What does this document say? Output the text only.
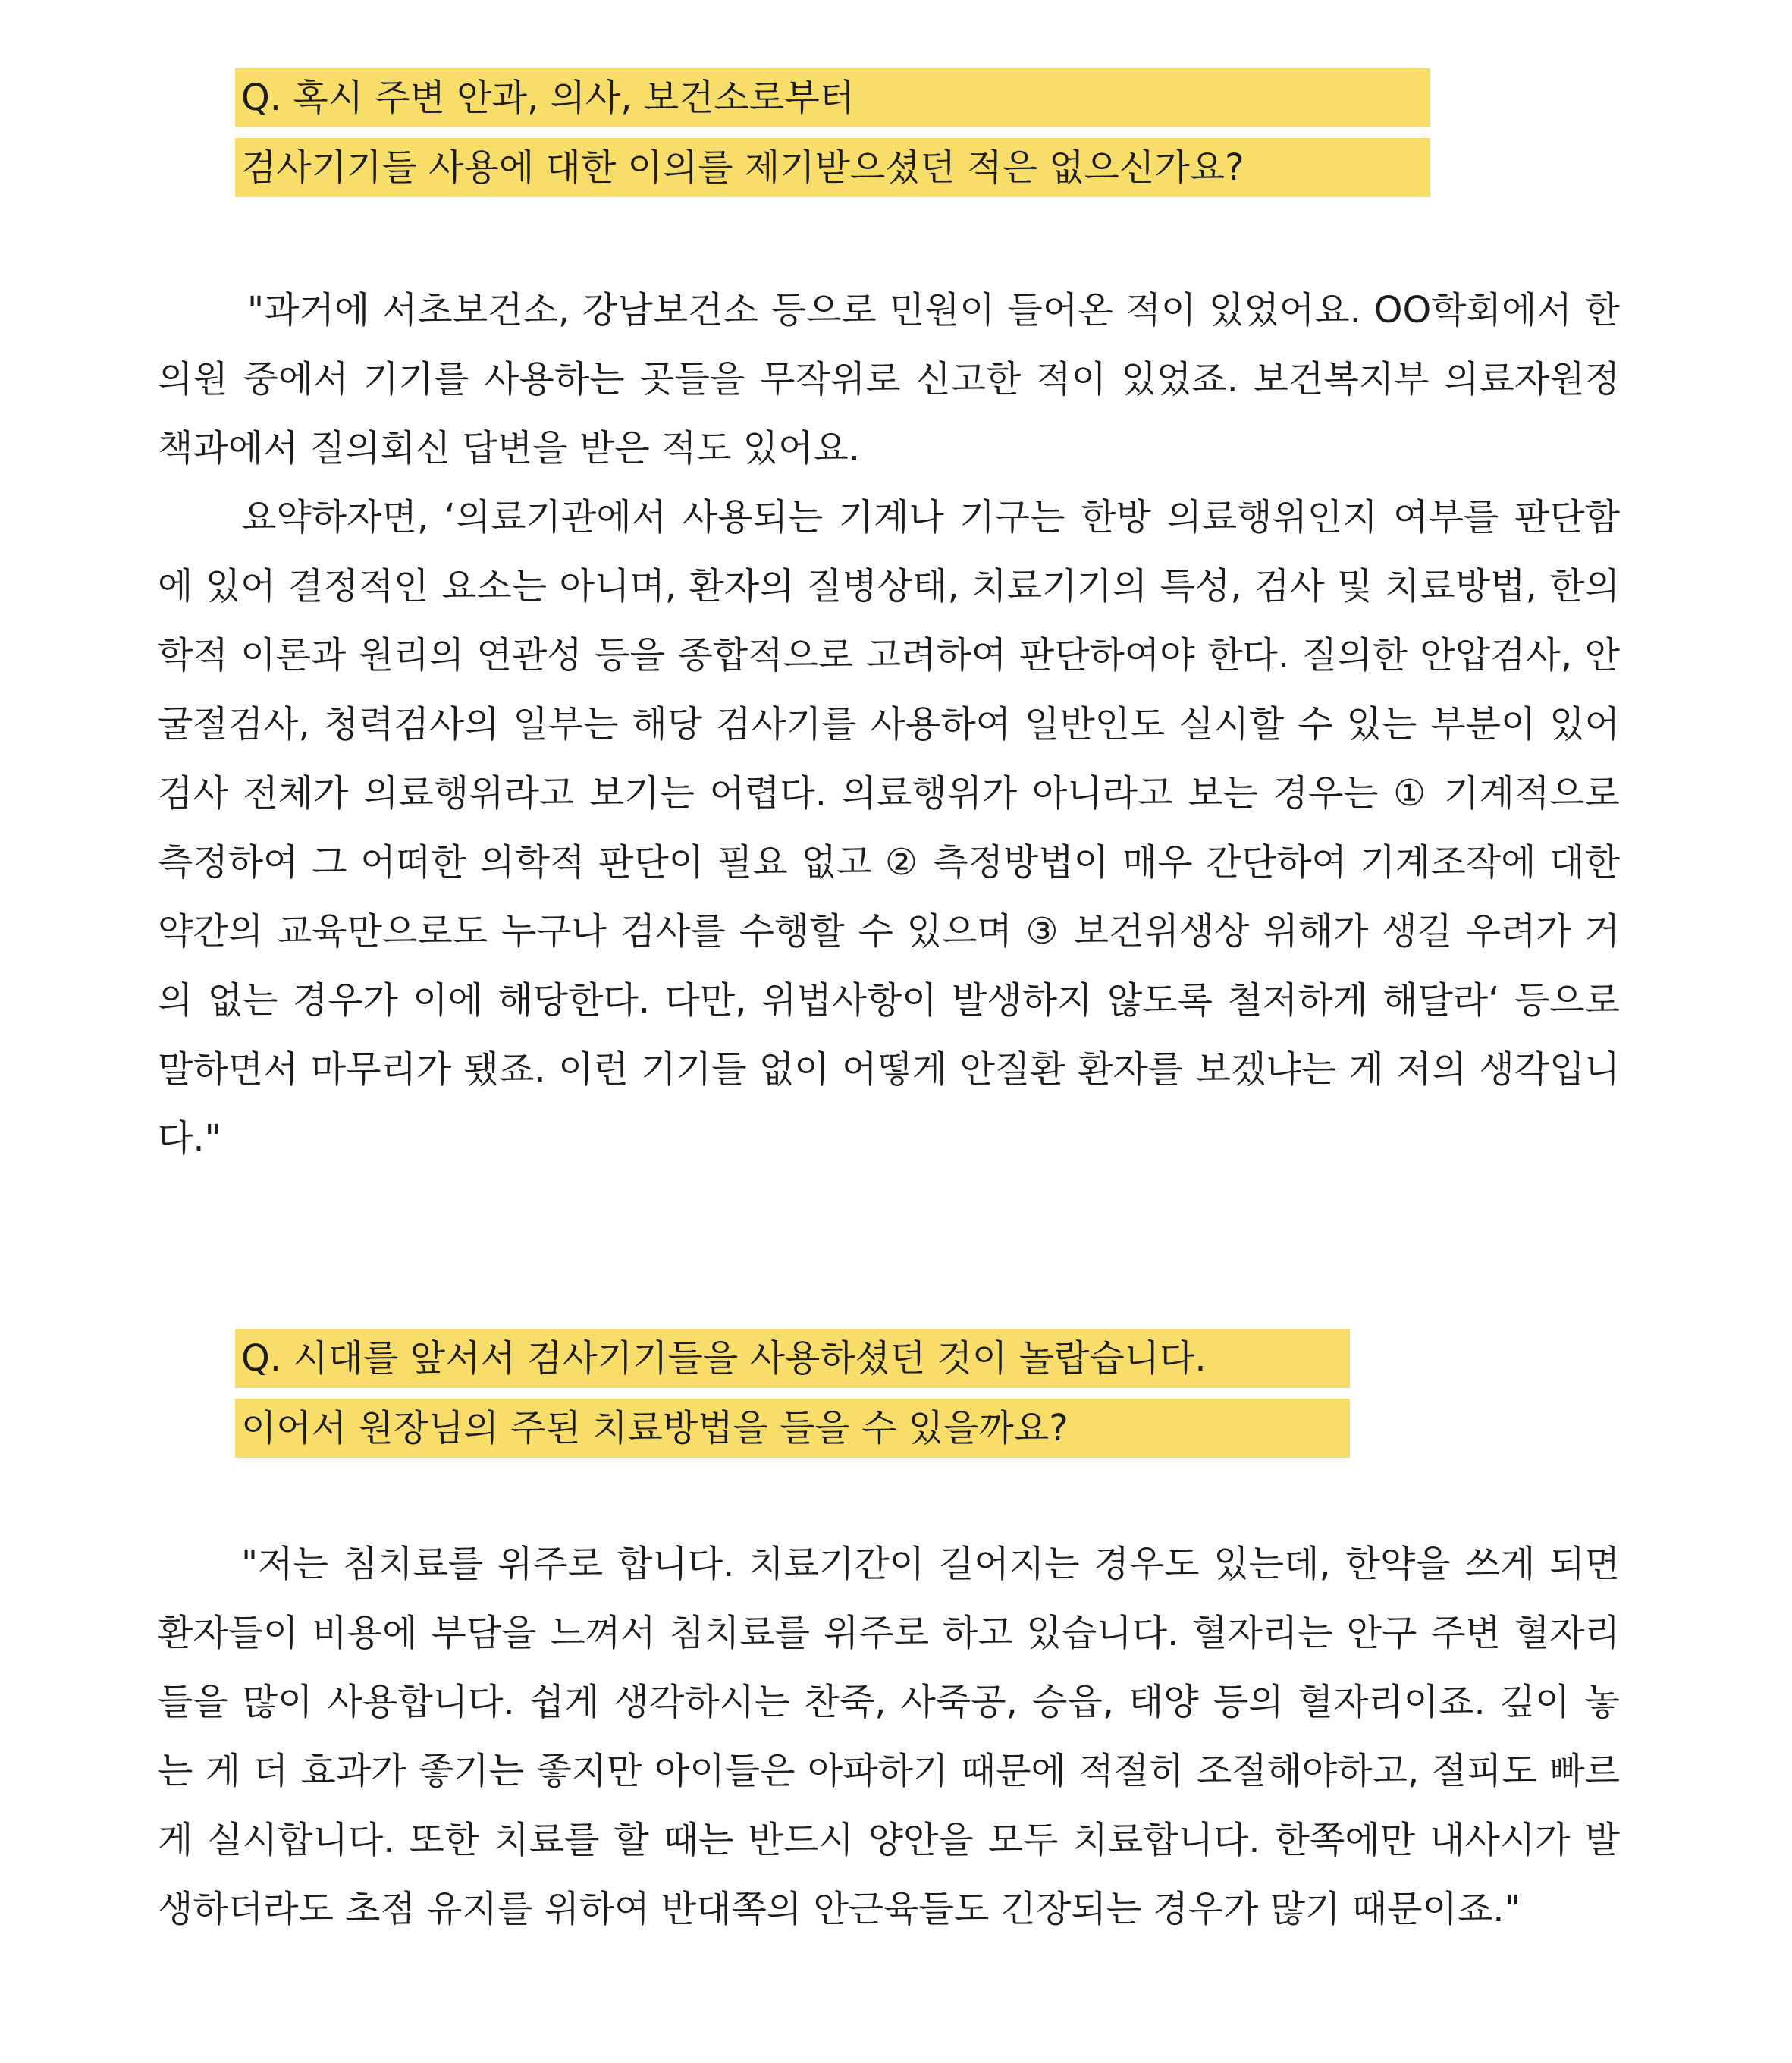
Q. 혹시 주변 안과, 의사, 보건소로부터
검사기기들 사용에 대한 이의를 제기받으셨던 적은 없으신가요?

"과거에 서초보건소, 강남보건소 등으로 민원이 들어온 적이 있었어요. OO학회에서 한의원 중에서 기기를 사용하는 곳들을 무작위로 신고한 적이 있었죠. 보건복지부 의료자원정책과에서 질의회신 답변을 받은 적도 있어요.

요약하자면, ‘의료기관에서 사용되는 기계나 기구는 한방 의료행위인지 여부를 판단함에 있어 결정적인 요소는 아니며, 환자의 질병상태, 치료기기의 특성, 검사 및 치료방법, 한의학적 이론과 원리의 연관성 등을 종합적으로 고려하여 판단하여야 한다. 질의한 안압검사, 안굴절검사, 청력검사의 일부는 해당 검사기를 사용하여 일반인도 실시할 수 있는 부분이 있어 검사 전체가 의료행위라고 보기는 어렵다. 의료행위가 아니라고 보는 경우는 ① 기계적으로 측정하여 그 어떠한 의학적 판단이 필요 없고 ② 측정방법이 매우 간단하여 기계조작에 대한 약간의 교육만으로도 누구나 검사를 수행할 수 있으며 ③ 보건위생상 위해가 생길 우려가 거의 없는 경우가 이에 해당한다. 다만, 위법사항이 발생하지 않도록 철저하게 해달라‘ 등으로 말하면서 마무리가 됐죠. 이런 기기들 없이 어떻게 안질환 환자를 보겠냐는 게 저의 생각입니다."

Q. 시대를 앞서서 검사기기들을 사용하셨던 것이 놀랍습니다.
이어서 원장님의 주된 치료방법을 들을 수 있을까요?

"저는 침치료를 위주로 합니다. 치료기간이 길어지는 경우도 있는데, 한약을 쓰게 되면 환자들이 비용에 부담을 느껴서 침치료를 위주로 하고 있습니다. 혈자리는 안구 주변 혈자리들을 많이 사용합니다. 쉽게 생각하시는 찬죽, 사죽공, 승읍, 태양 등의 혈자리이죠. 깊이 놓는 게 더 효과가 좋기는 좋지만 아이들은 아파하기 때문에 적절히 조절해야하고, 절피도 빠르게 실시합니다. 또한 치료를 할 때는 반드시 양안을 모두 치료합니다. 한쪽에만 내사시가 발생하더라도 초점 유지를 위하여 반대쪽의 안근육들도 긴장되는 경우가 많기 때문이죠."
